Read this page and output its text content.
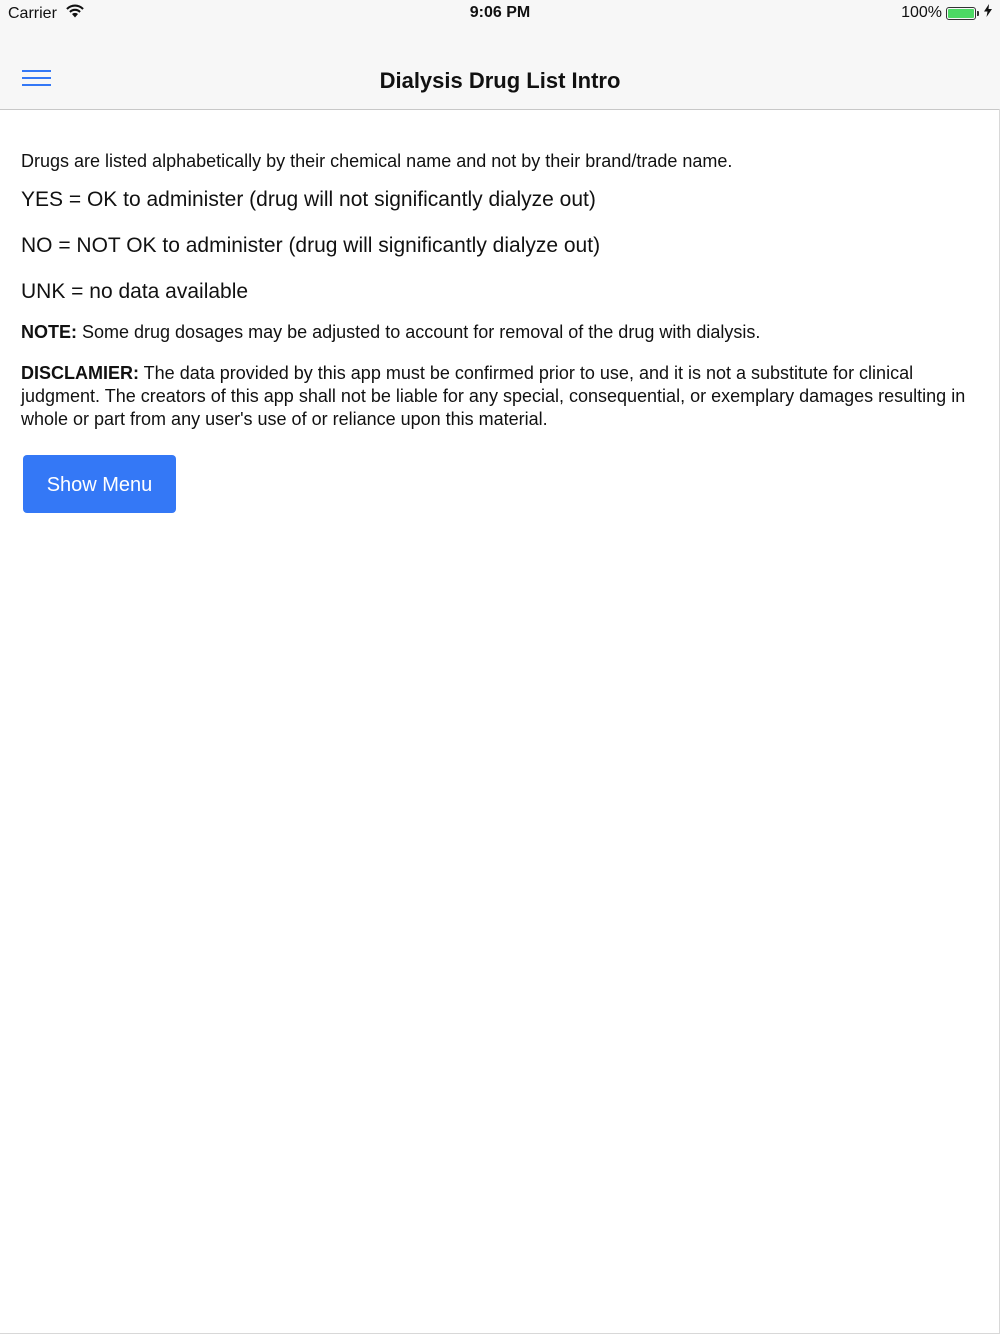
Carrier	9:06 PM	100%
Dialysis Drug List Intro

Drugs are listed alphabetically by their chemical name and not by their brand/trade name.

YES = OK to administer (drug will not significantly dialyze out)

NO = NOT OK to administer (drug will significantly dialyze out)

UNK = no data available

NOTE: Some drug dosages may be adjusted to account for removal of the drug with dialysis.

DISCLAMIER: The data provided by this app must be confirmed prior to use, and it is not a substitute for clinical judgment. The creators of this app shall not be liable for any special, consequential, or exemplary damages resulting in whole or part from any user's use of or reliance upon this material.

Show Menu
